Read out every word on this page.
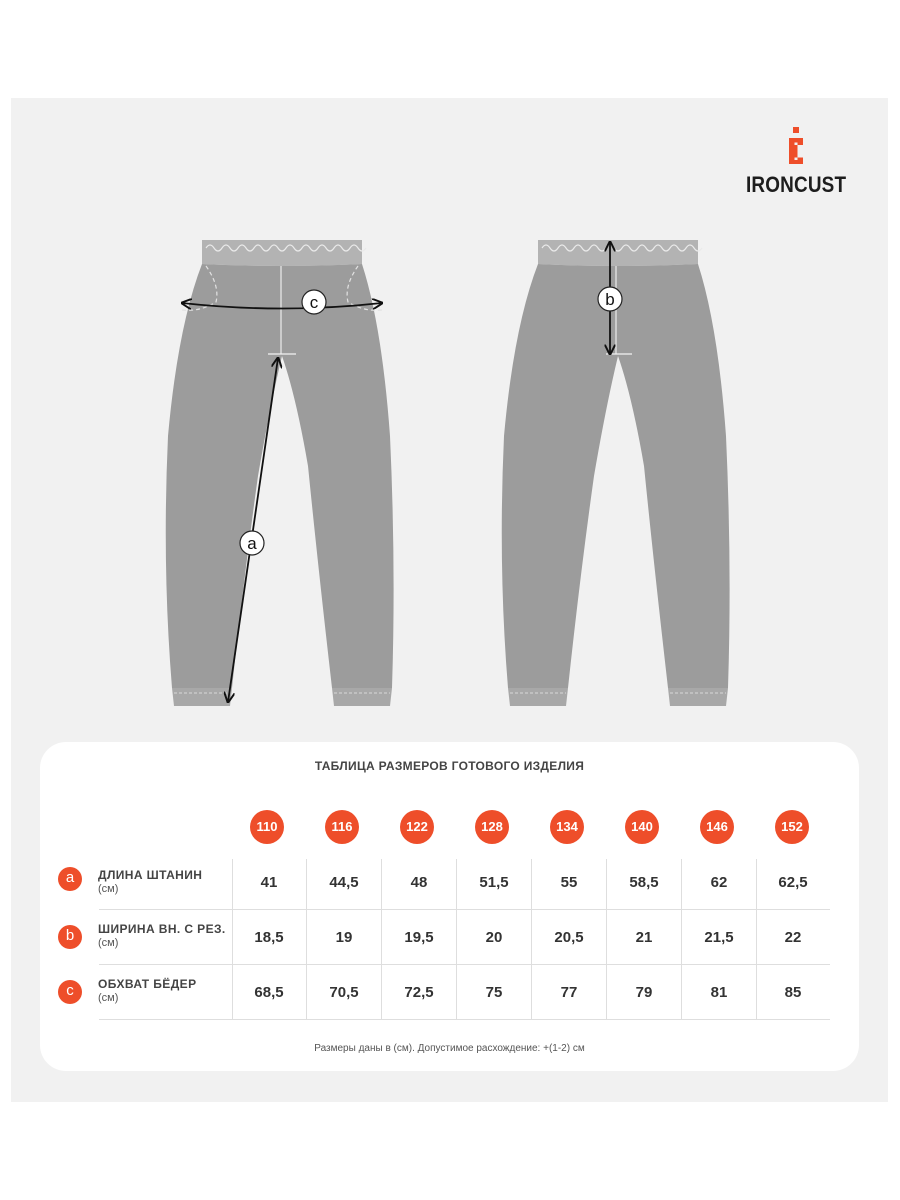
IRONCUST
c
a
b
ТАБЛИЦА РАЗМЕРОВ ГОТОВОГО ИЗДЕЛИЯ
110	116	122	128	134	140	146	152
a	ДЛИНА ШТАНИН
(см)	41	44,5	48	51,5	55	58,5	62	62,5
b	ШИРИНА ВН. С РЕЗ.
(см)	18,5	19	19,5	20	20,5	21	21,5	22
c	ОБХВАТ БЁДЕР
(см)	68,5	70,5	72,5	75	77	79	81	85
Размеры даны в (см). Допустимое расхождение: +(1-2) см
